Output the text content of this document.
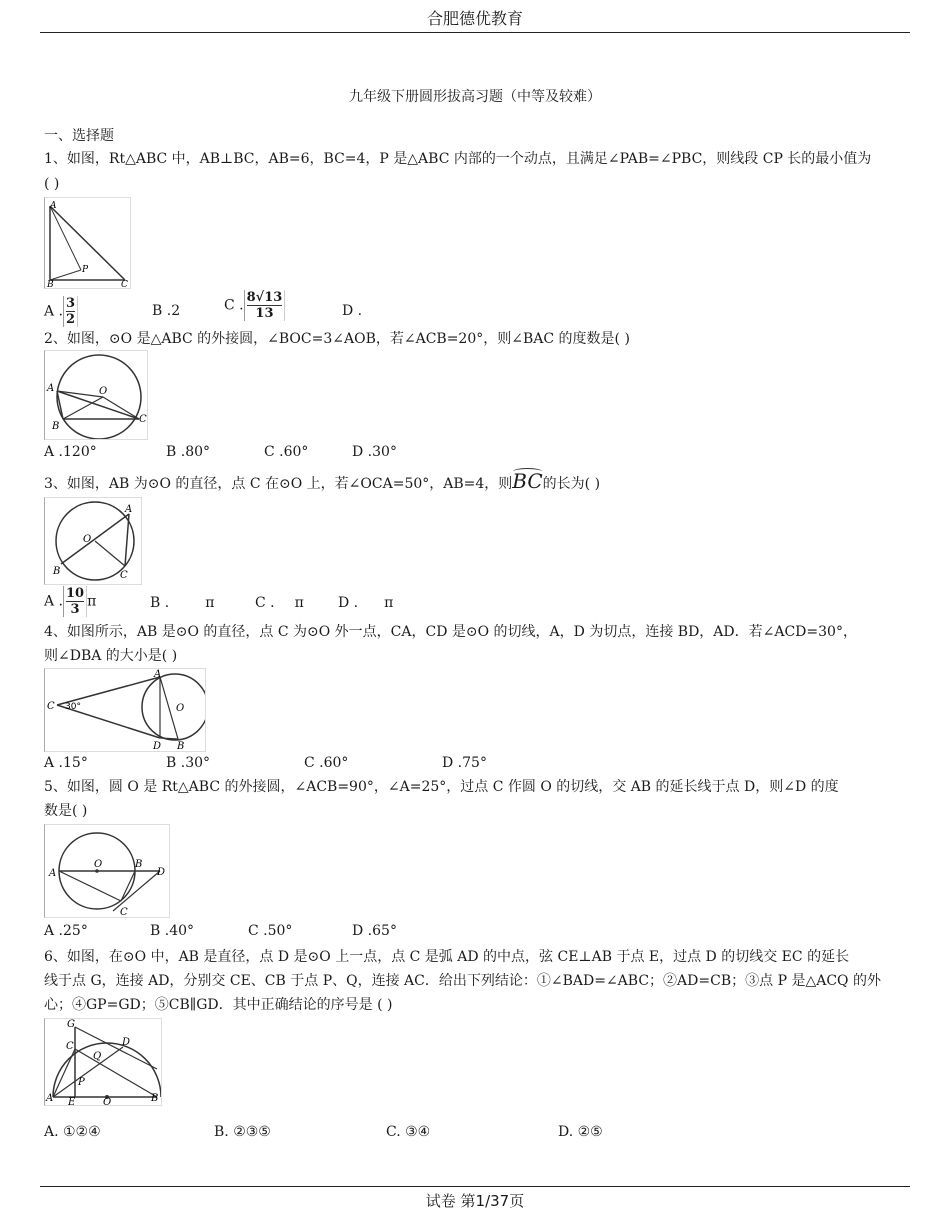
合肥德优教育
九年级下册圆形拔高习题（中等及较难）
一、选择题
1、如图，Rt△ABC 中，AB⊥BC，AB=6，BC=4，P 是△ABC 内部的一个动点，且满足∠PAB=∠PBC，则线段 CP 长的最小值为
( )
A
P
B	C
A . $\frac{3}{2}$	B .2	C . $\frac{8√13}{13}$	D .
2、如图，⊙O 是△ABC 的外接圆，∠BOC=3∠AOB，若∠ACB=20°，则∠BAC 的度数是( )
A	O
B
C
A .120°	B .80°	C .60°	D .30°
3、如图，AB 为⊙O 的直径，点 C 在⊙O 上，若∠OCA=50°，AB=4，则BC的长为( )
A
O
B	C
A . $\frac{10}{3}$ π	B .	π	C . π D . π
4、如图所示，AB 是⊙O 的直径，点 C 为⊙O 外一点，CA，CD 是⊙O 的切线，A，D 为切点，连接 BD，AD．若∠ACD=30°，
则∠DBA 的大小是( )
C 30°
A
O
D B
A .15°	B .30°	C .60°	D .75°
5、如图，圆 O 是 Rt△ABC 的外接圆，∠ACB=90°，∠A=25°，过点 C 作圆 O 的切线，交 AB 的延长线于点 D，则∠D 的度
数是( )
A
O	B
D
C
A .25°	B .40°	C .50°	D .65°
6、如图，在⊙O 中，AB 是直径，点 D 是⊙O 上一点，点 C 是弧 AD 的中点，弦 CE⊥AB 于点 E，过点 D 的切线交 EC 的延长
线于点 G，连接 AD，分别交 CE、CB 于点 P、Q，连接 AC．给出下列结论：①∠BAD=∠ABC；②AD=CB；③点 P 是△ACQ 的外
心；④GP=GD；⑤CB∥GD．其中正确结论的序号是 ( )
G
C	D
Q
P
A E	O	B
A. ①②④	B. ②③⑤	C. ③④	D. ②⑤
试卷 第1/37页
